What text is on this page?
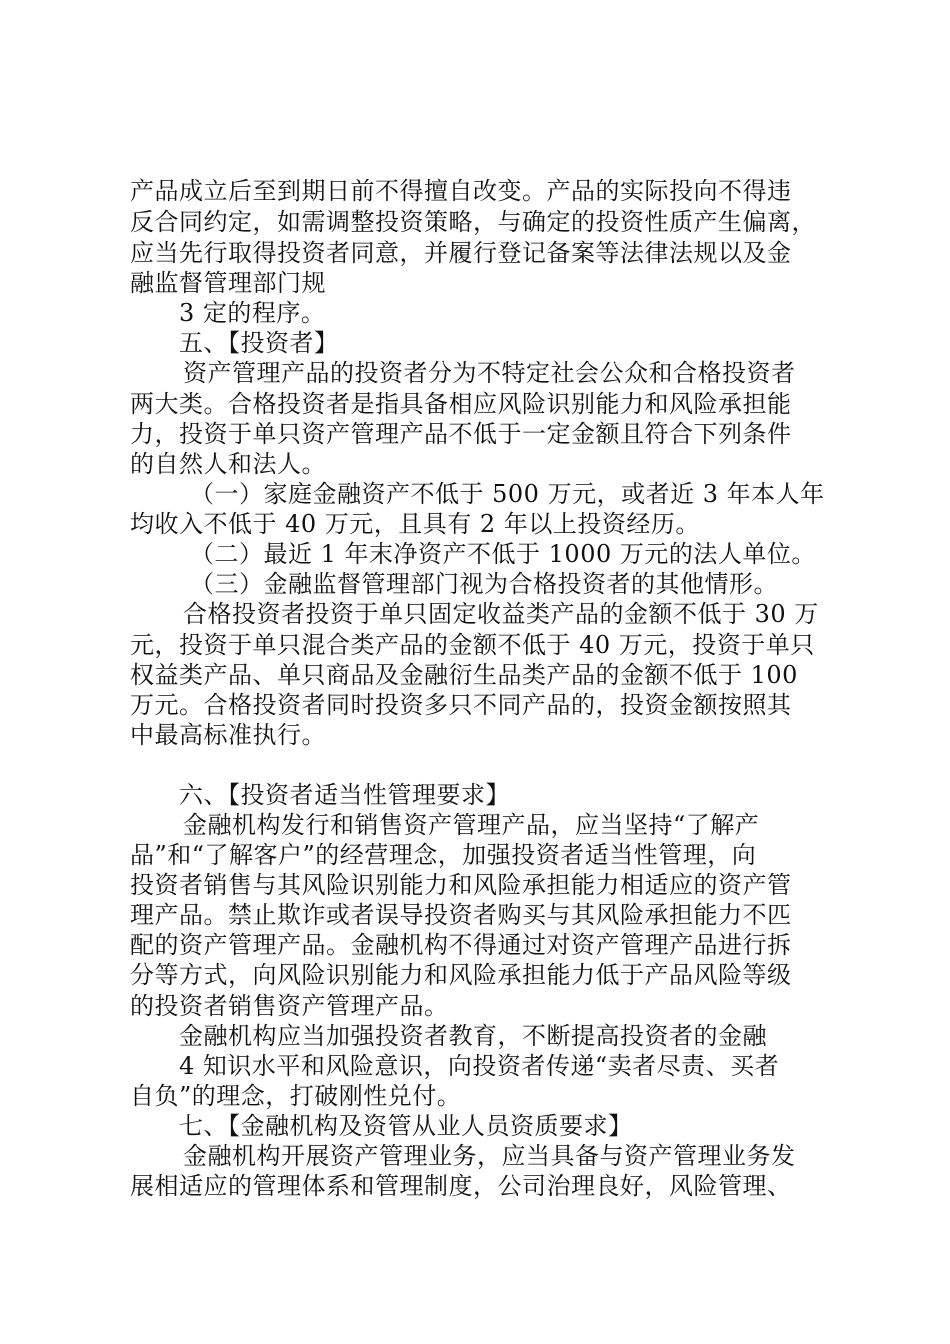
产品成立后至到期日前不得擅自改变。产品的实际投向不得违
反合同约定，如需调整投资策略，与确定的投资性质产生偏离，
应当先行取得投资者同意，并履行登记备案等法律法规以及金
融监督管理部门规
3 定的程序。
五、【投资者】
资产管理产品的投资者分为不特定社会公众和合格投资者
两大类。合格投资者是指具备相应风险识别能力和风险承担能
力，投资于单只资产管理产品不低于一定金额且符合下列条件
的自然人和法人。
（一）家庭金融资产不低于 500 万元，或者近 3 年本人年
均收入不低于 40 万元，且具有 2 年以上投资经历。
（二）最近 1 年末净资产不低于 1000 万元的法人单位。
（三）金融监督管理部门视为合格投资者的其他情形。
合格投资者投资于单只固定收益类产品的金额不低于 30 万
元，投资于单只混合类产品的金额不低于 40 万元，投资于单只
权益类产品、单只商品及金融衍生品类产品的金额不低于 100
万元。合格投资者同时投资多只不同产品的，投资金额按照其
中最高标准执行。
六、【投资者适当性管理要求】
金融机构发行和销售资产管理产品，应当坚持“了解产
品”和“了解客户”的经营理念，加强投资者适当性管理，向
投资者销售与其风险识别能力和风险承担能力相适应的资产管
理产品。禁止欺诈或者误导投资者购买与其风险承担能力不匹
配的资产管理产品。金融机构不得通过对资产管理产品进行拆
分等方式，向风险识别能力和风险承担能力低于产品风险等级
的投资者销售资产管理产品。
金融机构应当加强投资者教育，不断提高投资者的金融
4 知识水平和风险意识，向投资者传递“卖者尽责、买者
自负”的理念，打破刚性兑付。
七、【金融机构及资管从业人员资质要求】
金融机构开展资产管理业务，应当具备与资产管理业务发
展相适应的管理体系和管理制度，公司治理良好，风险管理、
